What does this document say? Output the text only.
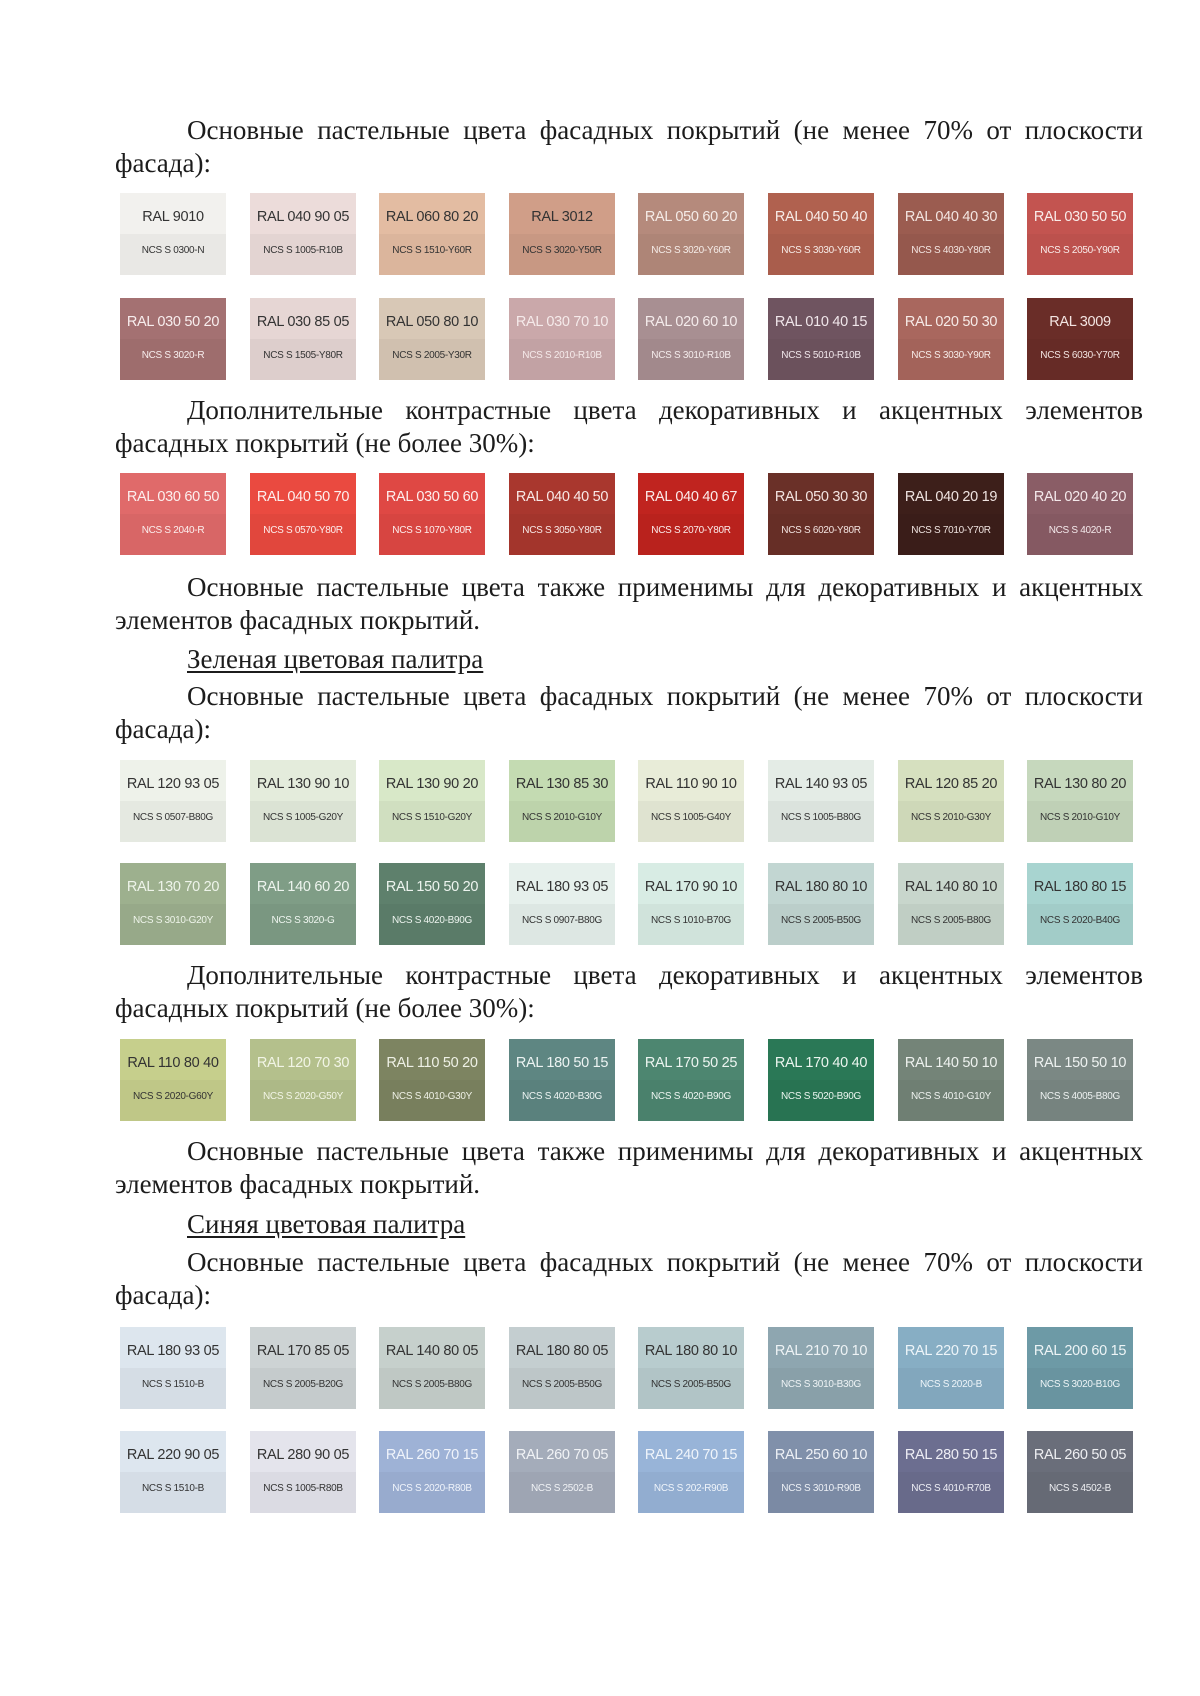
Основные пастельные цвета фасадных покрытий (не менее 70% от плоскости фасада):

RAL 9010
NCS S 0300-N
RAL 040 90 05
NCS S 1005-R10B
RAL 060 80 20
NCS S 1510-Y60R
RAL 3012
NCS S 3020-Y50R
RAL 050 60 20
NCS S 3020-Y60R
RAL 040 50 40
NCS S 3030-Y60R
RAL 040 40 30
NCS S 4030-Y80R
RAL 030 50 50
NCS S 2050-Y90R
RAL 030 50 20
NCS S 3020-R
RAL 030 85 05
NCS S 1505-Y80R
RAL 050 80 10
NCS S 2005-Y30R
RAL 030 70 10
NCS S 2010-R10B
RAL 020 60 10
NCS S 3010-R10B
RAL 010 40 15
NCS S 5010-R10B
RAL 020 50 30
NCS S 3030-Y90R
RAL 3009
NCS S 6030-Y70R

Дополнительные контрастные цвета декоративных и акцентных элементов фасадных покрытий (не более 30%):

RAL 030 60 50
NCS S 2040-R
RAL 040 50 70
NCS S 0570-Y80R
RAL 030 50 60
NCS S 1070-Y80R
RAL 040 40 50
NCS S 3050-Y80R
RAL 040 40 67
NCS S 2070-Y80R
RAL 050 30 30
NCS S 6020-Y80R
RAL 040 20 19
NCS S 7010-Y70R
RAL 020 40 20
NCS S 4020-R

Основные пастельные цвета также применимы для декоративных и акцентных элементов фасадных покрытий.

Зеленая цветовая палитра

Основные пастельные цвета фасадных покрытий (не менее 70% от плоскости фасада):

RAL 120 93 05
NCS S 0507-B80G
RAL 130 90 10
NCS S 1005-G20Y
RAL 130 90 20
NCS S 1510-G20Y
RAL 130 85 30
NCS S 2010-G10Y
RAL 110 90 10
NCS S 1005-G40Y
RAL 140 93 05
NCS S 1005-B80G
RAL 120 85 20
NCS S 2010-G30Y
RAL 130 80 20
NCS S 2010-G10Y
RAL 130 70 20
NCS S 3010-G20Y
RAL 140 60 20
NCS S 3020-G
RAL 150 50 20
NCS S 4020-B90G
RAL 180 93 05
NCS S 0907-B80G
RAL 170 90 10
NCS S 1010-B70G
RAL 180 80 10
NCS S 2005-B50G
RAL 140 80 10
NCS S 2005-B80G
RAL 180 80 15
NCS S 2020-B40G

Дополнительные контрастные цвета декоративных и акцентных элементов фасадных покрытий (не более 30%):

RAL 110 80 40
NCS S 2020-G60Y
RAL 120 70 30
NCS S 2020-G50Y
RAL 110 50 20
NCS S 4010-G30Y
RAL 180 50 15
NCS S 4020-B30G
RAL 170 50 25
NCS S 4020-B90G
RAL 170 40 40
NCS S 5020-B90G
RAL 140 50 10
NCS S 4010-G10Y
RAL 150 50 10
NCS S 4005-B80G

Основные пастельные цвета также применимы для декоративных и акцентных элементов фасадных покрытий.

Синяя цветовая палитра

Основные пастельные цвета фасадных покрытий (не менее 70% от плоскости фасада):

RAL 180 93 05
NCS S 1510-B
RAL 170 85 05
NCS S 2005-B20G
RAL 140 80 05
NCS S 2005-B80G
RAL 180 80 05
NCS S 2005-B50G
RAL 180 80 10
NCS S 2005-B50G
RAL 210 70 10
NCS S 3010-B30G
RAL 220 70 15
NCS S 2020-B
RAL 200 60 15
NCS S 3020-B10G
RAL 220 90 05
NCS S 1510-B
RAL 280 90 05
NCS S 1005-R80B
RAL 260 70 15
NCS S 2020-R80B
RAL 260 70 05
NCS S 2502-B
RAL 240 70 15
NCS S 202-R90B
RAL 250 60 10
NCS S 3010-R90B
RAL 280 50 15
NCS S 4010-R70B
RAL 260 50 05
NCS S 4502-B
